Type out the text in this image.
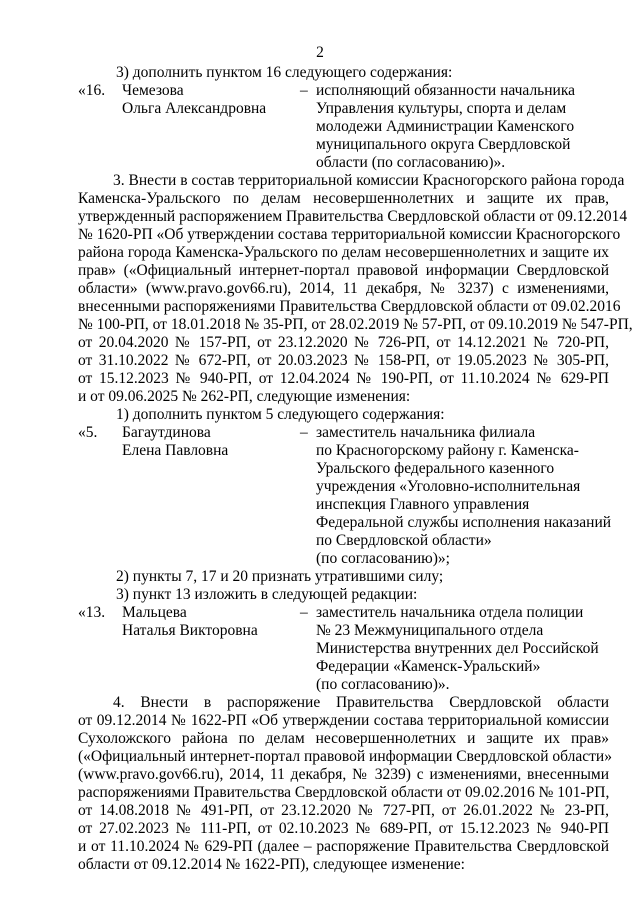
2
3) дополнить пунктом 16 следующего содержания:
«16. Чемезова
Ольга Александровна
– исполняющий обязанности начальника
Управления культуры, спорта и делам
молодежи Администрации Каменского
муниципального округа Свердловской
области (по согласованию)».
3. Внести в состав территориальной комиссии Красногорского района города
Каменска-Уральского по делам несовершеннолетних и защите их прав,
утвержденный распоряжением Правительства Свердловской области от 09.12.2014
№ 1620-РП «Об утверждении состава территориальной комиссии Красногорского
района города Каменска-Уральского по делам несовершеннолетних и защите их
прав» («Официальный интернет-портал правовой информации Свердловской
области» (www.pravo.gov66.ru), 2014, 11 декабря, № 3237) с изменениями,
внесенными распоряжениями Правительства Свердловской области от 09.02.2016
№ 100-РП, от 18.01.2018 № 35-РП, от 28.02.2019 № 57-РП, от 09.10.2019 № 547-РП,
от 20.04.2020 № 157-РП, от 23.12.2020 № 726-РП, от 14.12.2021 № 720-РП,
от 31.10.2022 № 672-РП, от 20.03.2023 № 158-РП, от 19.05.2023 № 305-РП,
от 15.12.2023 № 940-РП, от 12.04.2024 № 190-РП, от 11.10.2024 № 629-РП
и от 09.06.2025 № 262-РП, следующие изменения:
1) дополнить пунктом 5 следующего содержания:
«5. Багаутдинова
Елена Павловна
– заместитель начальника филиала
по Красногорскому району г. Каменска-
Уральского федерального казенного
учреждения «Уголовно-исполнительная
инспекция Главного управления
Федеральной службы исполнения наказаний
по Свердловской области»
(по согласованию)»;
2) пункты 7, 17 и 20 признать утратившими силу;
3) пункт 13 изложить в следующей редакции:
«13. Мальцева
Наталья Викторовна
– заместитель начальника отдела полиции
№ 23 Межмуниципального отдела
Министерства внутренних дел Российской
Федерации «Каменск-Уральский»
(по согласованию)».
4. Внести в распоряжение Правительства Свердловской области
от 09.12.2014 № 1622-РП «Об утверждении состава территориальной комиссии
Сухоложского района по делам несовершеннолетних и защите их прав»
(«Официальный интернет-портал правовой информации Свердловской области»
(www.pravo.gov66.ru), 2014, 11 декабря, № 3239) с изменениями, внесенными
распоряжениями Правительства Свердловской области от 09.02.2016 № 101-РП,
от 14.08.2018 № 491-РП, от 23.12.2020 № 727-РП, от 26.01.2022 № 23-РП,
от 27.02.2023 № 111-РП, от 02.10.2023 № 689-РП, от 15.12.2023 № 940-РП
и от 11.10.2024 № 629-РП (далее – распоряжение Правительства Свердловской
области от 09.12.2014 № 1622-РП), следующее изменение:
